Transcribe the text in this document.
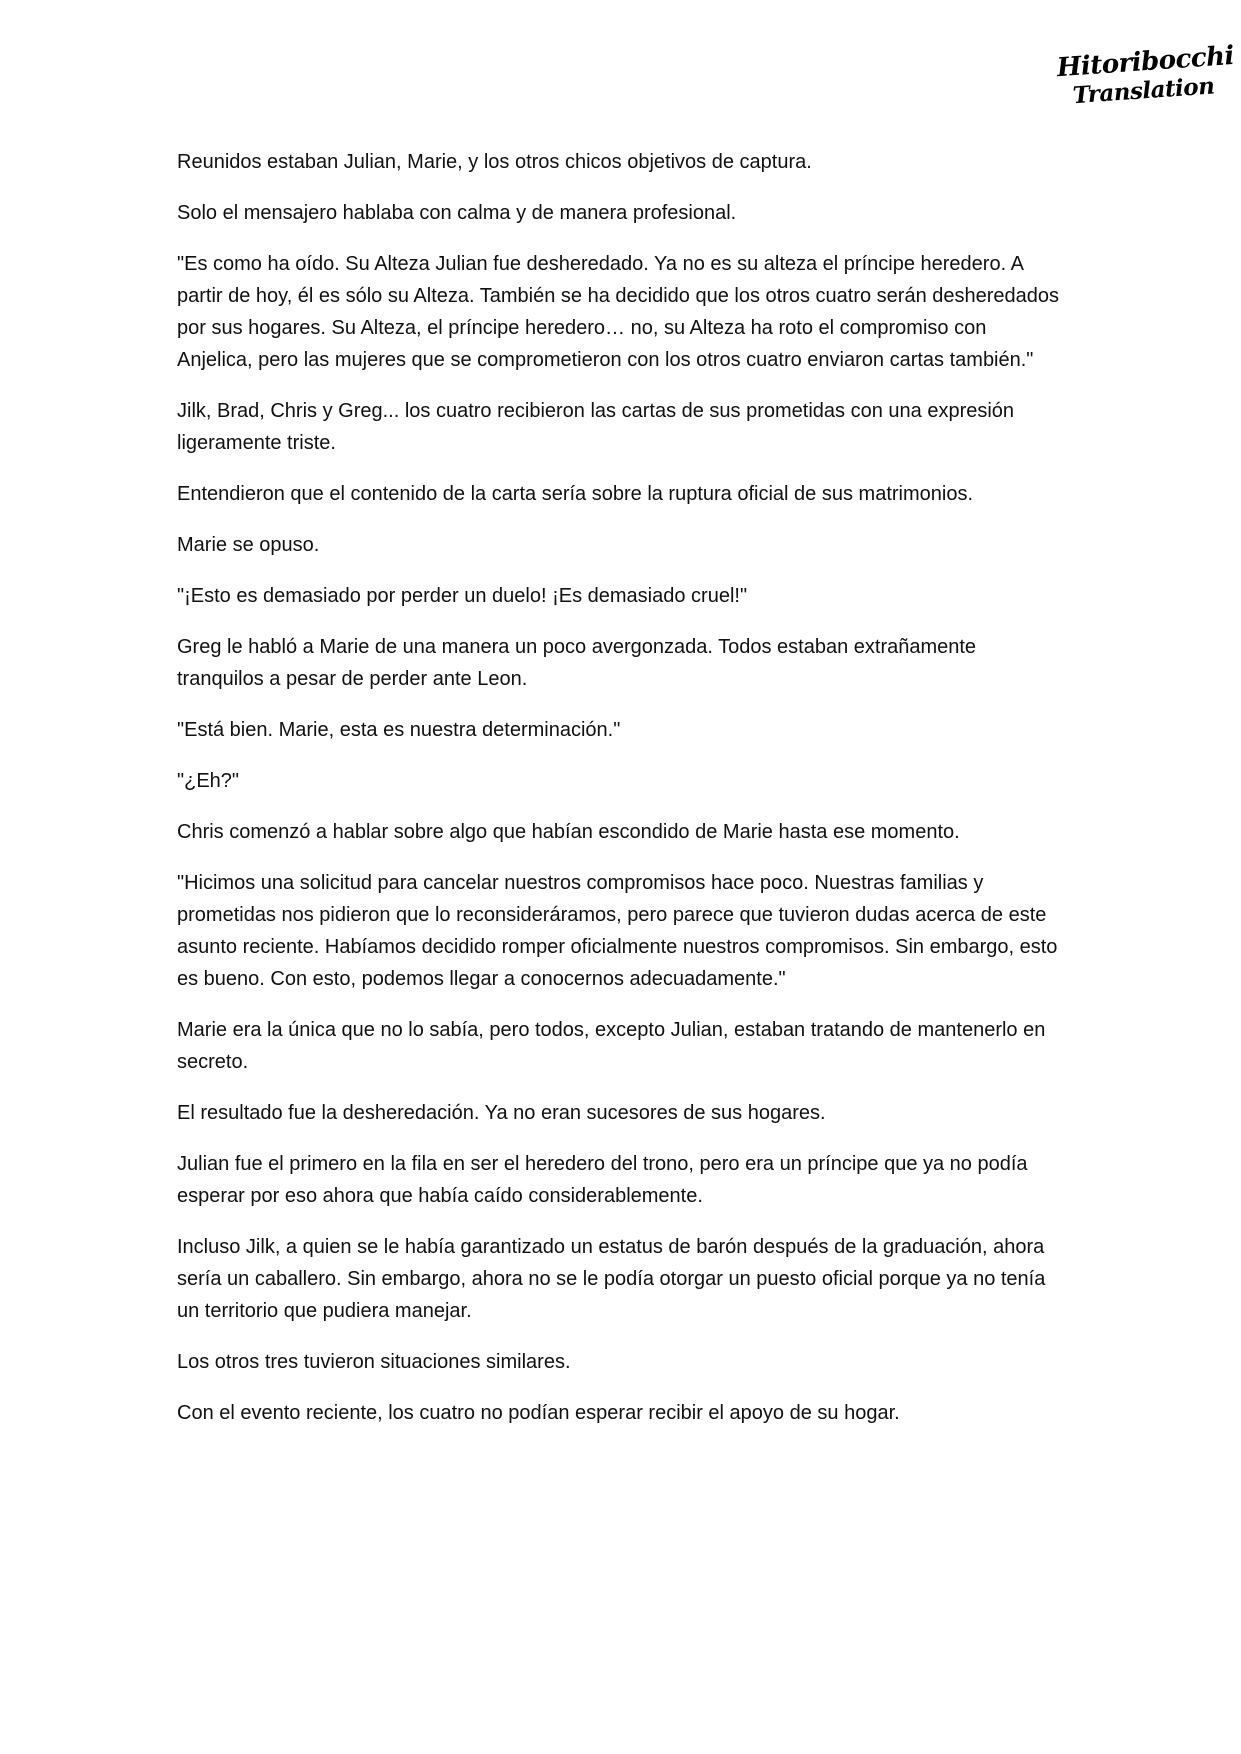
Hitoribocchi
Translation

Reunidos estaban Julian, Marie, y los otros chicos objetivos de captura.

Solo el mensajero hablaba con calma y de manera profesional.

"Es como ha oído. Su Alteza Julian fue desheredado. Ya no es su alteza el príncipe heredero. A partir de hoy, él es sólo su Alteza. También se ha decidido que los otros cuatro serán desheredados por sus hogares. Su Alteza, el príncipe heredero… no, su Alteza ha roto el compromiso con Anjelica, pero las mujeres que se comprometieron con los otros cuatro enviaron cartas también."

Jilk, Brad, Chris y Greg... los cuatro recibieron las cartas de sus prometidas con una expresión ligeramente triste.

Entendieron que el contenido de la carta sería sobre la ruptura oficial de sus matrimonios.

Marie se opuso.

"¡Esto es demasiado por perder un duelo! ¡Es demasiado cruel!"

Greg le habló a Marie de una manera un poco avergonzada. Todos estaban extrañamente tranquilos a pesar de perder ante Leon.

"Está bien. Marie, esta es nuestra determinación."

"¿Eh?"

Chris comenzó a hablar sobre algo que habían escondido de Marie hasta ese momento.

"Hicimos una solicitud para cancelar nuestros compromisos hace poco. Nuestras familias y prometidas nos pidieron que lo reconsideráramos, pero parece que tuvieron dudas acerca de este asunto reciente. Habíamos decidido romper oficialmente nuestros compromisos. Sin embargo, esto es bueno. Con esto, podemos llegar a conocernos adecuadamente."

Marie era la única que no lo sabía, pero todos, excepto Julian, estaban tratando de mantenerlo en secreto.

El resultado fue la desheredación. Ya no eran sucesores de sus hogares.

Julian fue el primero en la fila en ser el heredero del trono, pero era un príncipe que ya no podía esperar por eso ahora que había caído considerablemente.

Incluso Jilk, a quien se le había garantizado un estatus de barón después de la graduación, ahora sería un caballero. Sin embargo, ahora no se le podía otorgar un puesto oficial porque ya no tenía un territorio que pudiera manejar.

Los otros tres tuvieron situaciones similares.

Con el evento reciente, los cuatro no podían esperar recibir el apoyo de su hogar.
